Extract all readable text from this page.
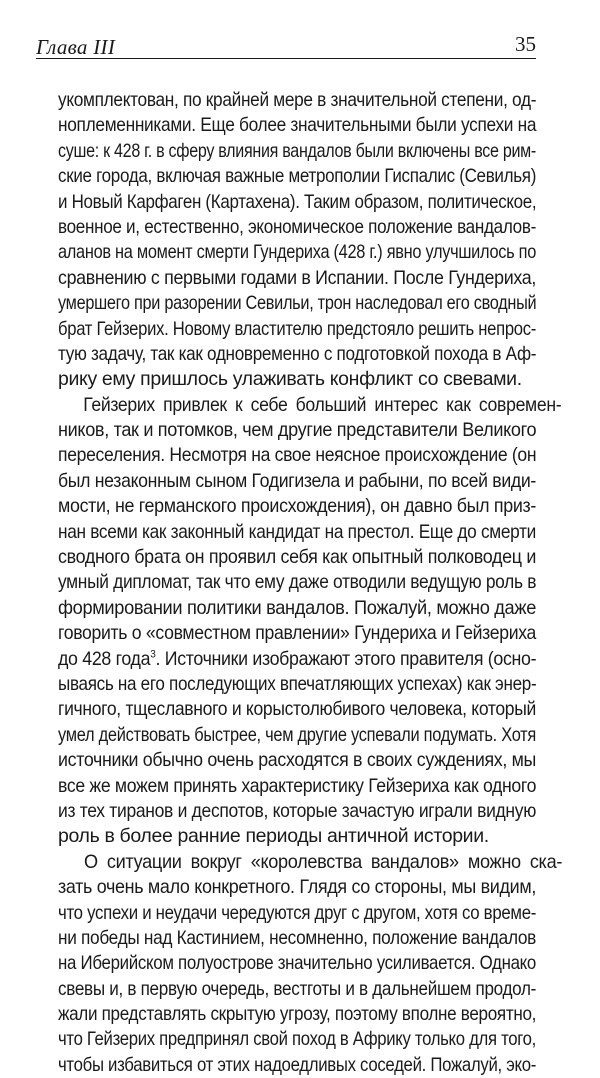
Глава III	35
укомплектован, по крайней мере в значительной степени, од-
ноплеменниками. Еще более значительными были успехи на
суше: к 428 г. в сферу влияния вандалов были включены все рим-
ские города, включая важные метрополии Гиспалис (Севилья)
и Новый Карфаген (Картахена). Таким образом, политическое,
военное и, естественно, экономическое положение вандалов-
аланов на момент смерти Гундериха (428 г.) явно улучшилось по
сравнению с первыми годами в Испании. После Гундериха,
умершего при разорении Севильи, трон наследовал его сводный
брат Гейзерих. Новому властителю предстояло решить непрос-
тую задачу, так как одновременно с подготовкой похода в Аф-
рику ему пришлось улаживать конфликт со свевами.
Гейзерих привлек к себе больший интерес как современ-
ников, так и потомков, чем другие представители Великого
переселения. Несмотря на свое неясное происхождение (он
был незаконным сыном Годигизела и рабыни, по всей види-
мости, не германского происхождения), он давно был приз-
нан всеми как законный кандидат на престол. Еще до смерти
сводного брата он проявил себя как опытный полководец и
умный дипломат, так что ему даже отводили ведущую роль в
формировании политики вандалов. Пожалуй, можно даже
говорить о «совместном правлении» Гундериха и Гейзериха
до 428 года$^3$. Источники изображают этого правителя (осно-
ываясь на его последующих впечатляющих успехах) как энер-
гичного, тщеславного и корыстолюбивого человека, который
умел действовать быстрее, чем другие успевали подумать. Хотя
источники обычно очень расходятся в своих суждениях, мы
все же можем принять характеристику Гейзериха как одного
из тех тиранов и деспотов, которые зачастую играли видную
роль в более ранние периоды античной истории.
О ситуации вокруг «королевства вандалов» можно ска-
зать очень мало конкретного. Глядя со стороны, мы видим,
что успехи и неудачи чередуются друг с другом, хотя со време-
ни победы над Кастинием, несомненно, положение вандалов
на Иберийском полуострове значительно усиливается. Однако
свевы и, в первую очередь, вестготы и в дальнейшем продол-
жали представлять скрытую угрозу, поэтому вполне вероятно,
что Гейзерих предпринял свой поход в Африку только для того,
чтобы избавиться от этих надоедливых соседей. Пожалуй, эко-
